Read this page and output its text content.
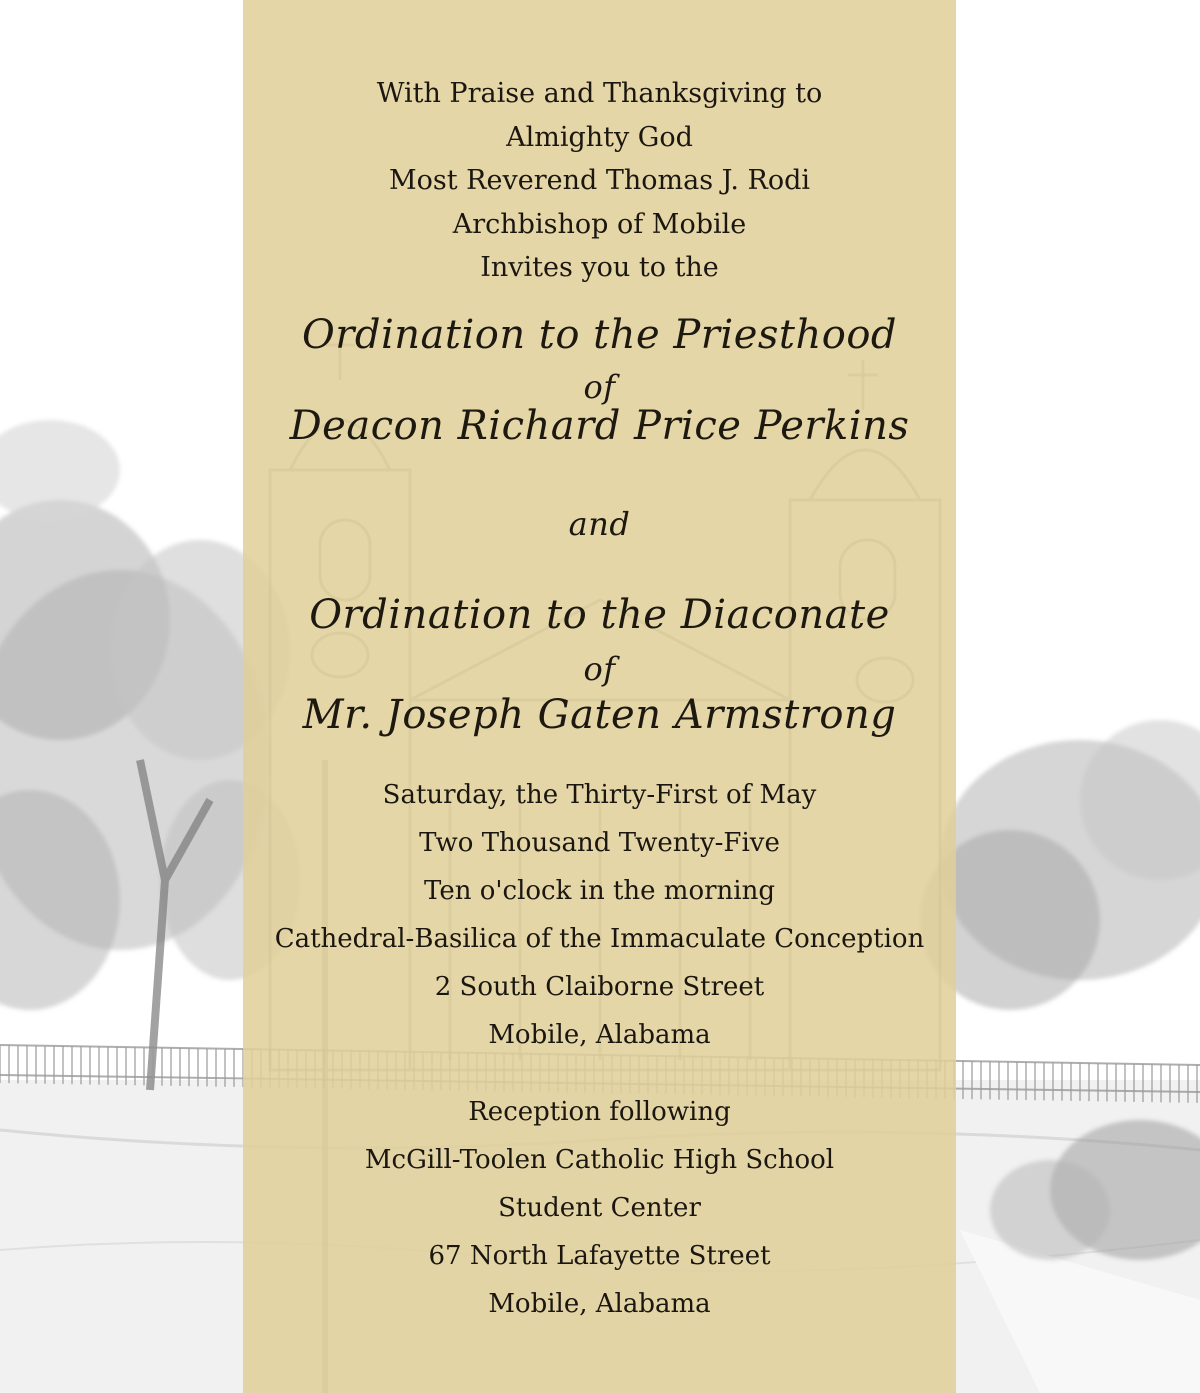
With Praise and Thanksgiving to
Almighty God
Most Reverend Thomas J. Rodi
Archbishop of Mobile
Invites you to the
Ordination to the Priesthood
of
Deacon Richard Price Perkins
and
Ordination to the Diaconate
of
Mr. Joseph Gaten Armstrong
Saturday, the Thirty-First of May
Two Thousand Twenty-Five
Ten o'clock in the morning
Cathedral-Basilica of the Immaculate Conception
2 South Claiborne Street
Mobile, Alabama
Reception following
McGill-Toolen Catholic High School
Student Center
67 North Lafayette Street
Mobile, Alabama
